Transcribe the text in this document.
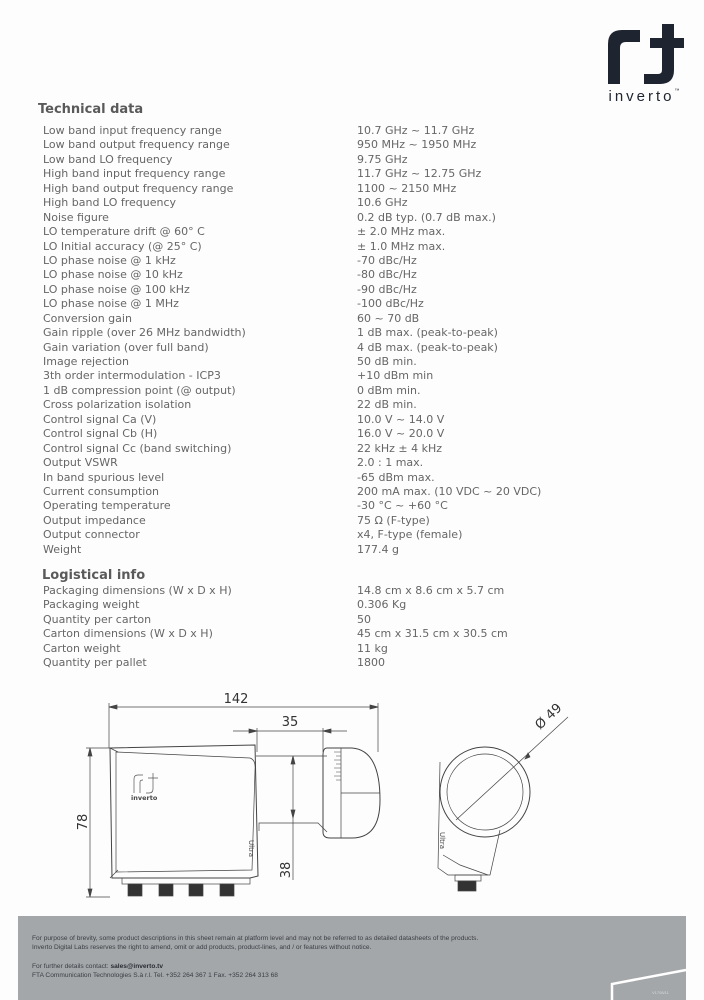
inverto™
Technical data
Low band input frequency range	10.7 GHz ~ 11.7 GHz
Low band output frequency range	950 MHz ~ 1950 MHz
Low band LO frequency	9.75 GHz
High band input frequency range	11.7 GHz ~ 12.75 GHz
High band output frequency range	1100 ~ 2150 MHz
High band LO frequency	10.6 GHz
Noise figure	0.2 dB typ. (0.7 dB max.)
LO temperature drift @ 60° C	± 2.0 MHz max.
LO Initial accuracy (@ 25° C)	± 1.0 MHz max.
LO phase noise @ 1 kHz	-70 dBc/Hz
LO phase noise @ 10 kHz	-80 dBc/Hz
LO phase noise @ 100 kHz	-90 dBc/Hz
LO phase noise @ 1 MHz	-100 dBc/Hz
Conversion gain	60 ~ 70 dB
Gain ripple (over 26 MHz bandwidth)	1 dB max. (peak-to-peak)
Gain variation (over full band)	4 dB max. (peak-to-peak)
Image rejection	50 dB min.
3th order intermodulation - ICP3	+10 dBm min
1 dB compression point (@ output)	0 dBm min.
Cross polarization isolation	22 dB min.
Control signal Ca (V)	10.0 V ~ 14.0 V
Control signal Cb (H)	16.0 V ~ 20.0 V
Control signal Cc (band switching)	22 kHz ± 4 kHz
Output VSWR	2.0 : 1 max.
In band spurious level	-65 dBm max.
Current consumption	200 mA max. (10 VDC ~ 20 VDC)
Operating temperature	-30 °C ~ +60 °C
Output impedance	75 Ω (F-type)
Output connector	x4, F-type (female)
Weight	177.4 g
Logistical info
Packaging dimensions (W x D x H)	14.8 cm x 8.6 cm x 5.7 cm
Packaging weight	0.306 Kg
Quantity per carton	50
Carton dimensions (W x D x H)	45 cm x 31.5 cm x 30.5 cm
Carton weight	11 kg
Quantity per pallet	1800
142
35
78
38
inverto
Ultra
Ø 49
Ultra

For purpose of brevity, some product descriptions in this sheet remain at platform level and may not be referred to as detailed datasheets of the products.

Inverto Digital Labs reserves the right to amend, omit or add products, product-lines, and / or features without notice.

For further details contact: sales@inverto.tv

FTA Communication Technologies S.à r.l. Tel. +352 264 367 1 Fax. +352 264 313 68

V1708/11
